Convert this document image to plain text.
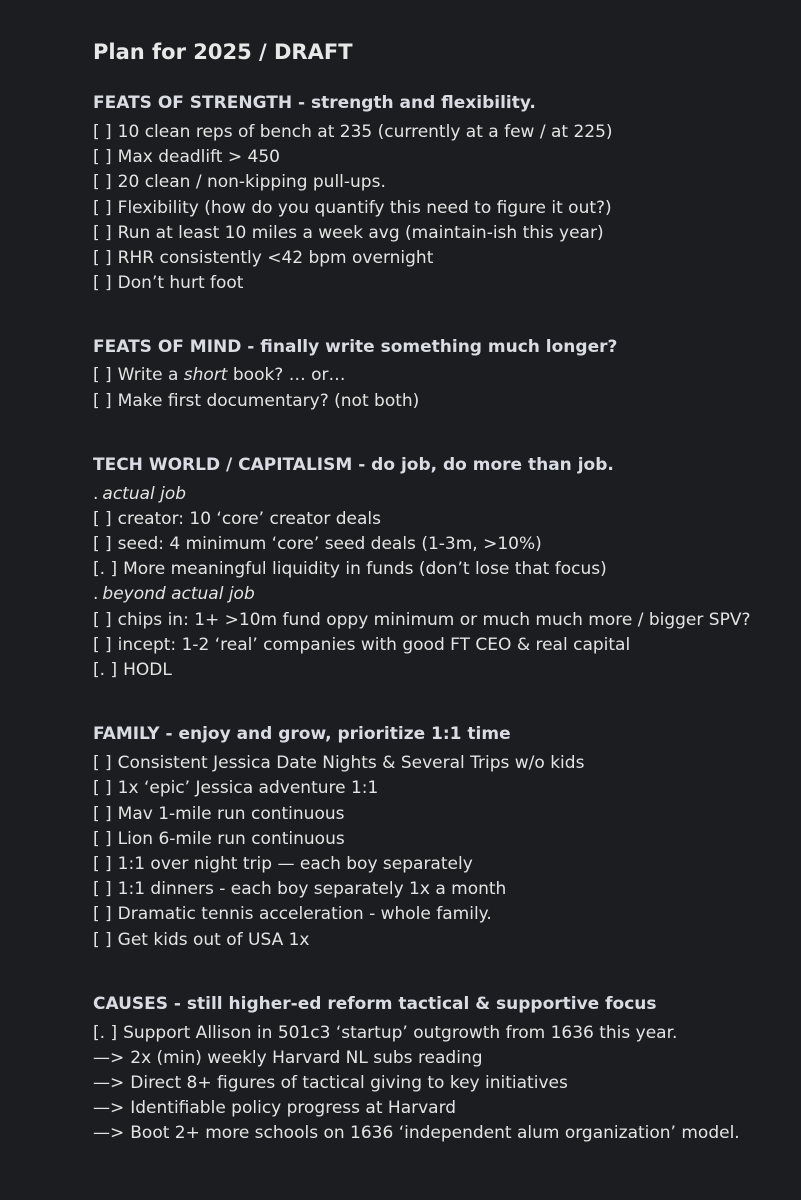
Plan for 2025 / DRAFT
FEATS OF STRENGTH - strength and flexibility.
[ ] 10 clean reps of bench at 235 (currently at a few / at 225)
[ ] Max deadlift > 450
[ ] 20 clean / non-kipping pull-ups.
[ ] Flexibility (how do you quantify this need to figure it out?)
[ ] Run at least 10 miles a week avg (maintain-ish this year)
[ ] RHR consistently <42 bpm overnight
[ ] Don’t hurt foot
FEATS OF MIND - finally write something much longer?
[ ] Write a short book? … or…
[ ] Make first documentary? (not both)
TECH WORLD / CAPITALISM - do job, do more than job.
. actual job
[ ] creator: 10 ‘core’ creator deals
[ ] seed: 4 minimum ‘core’ seed deals (1-3m, >10%)
[. ] More meaningful liquidity in funds (don’t lose that focus)
. beyond actual job
[ ] chips in: 1+ >10m fund oppy minimum or much much more / bigger SPV?
[ ] incept: 1-2 ‘real’ companies with good FT CEO & real capital
[. ] HODL
FAMILY - enjoy and grow, prioritize 1:1 time
[ ] Consistent Jessica Date Nights & Several Trips w/o kids
[ ] 1x ‘epic’ Jessica adventure 1:1
[ ] Mav 1-mile run continuous
[ ] Lion 6-mile run continuous
[ ] 1:1 over night trip — each boy separately
[ ] 1:1 dinners - each boy separately 1x a month
[ ] Dramatic tennis acceleration - whole family.
[ ] Get kids out of USA 1x
CAUSES - still higher-ed reform tactical & supportive focus
[. ] Support Allison in 501c3 ‘startup’ outgrowth from 1636 this year.
—> 2x (min) weekly Harvard NL subs reading
—> Direct 8+ figures of tactical giving to key initiatives
—> Identifiable policy progress at Harvard
—> Boot 2+ more schools on 1636 ‘independent alum organization’ model.
